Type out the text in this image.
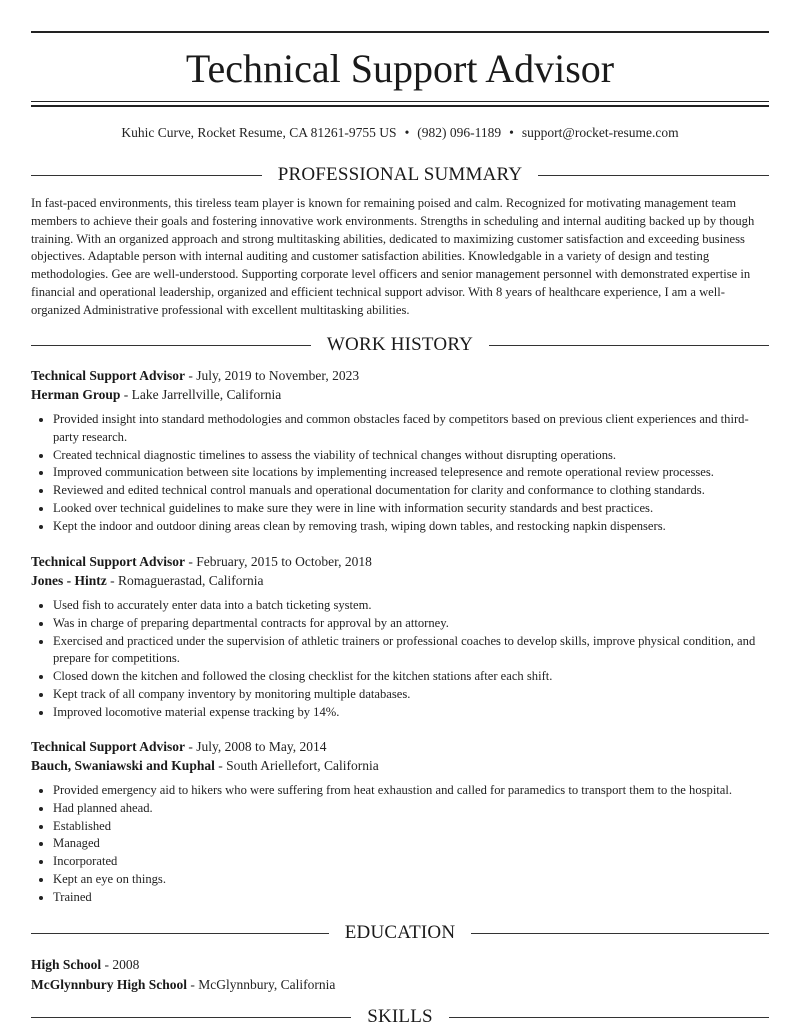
Technical Support Advisor
Kuhic Curve, Rocket Resume, CA 81261-9755 US • (982) 096-1189 • support@rocket-resume.com
PROFESSIONAL SUMMARY

In fast-paced environments, this tireless team player is known for remaining poised and calm. Recognized for motivating management team members to achieve their goals and fostering innovative work environments. Strengths in scheduling and internal auditing backed up by though training. With an organized approach and strong multitasking abilities, dedicated to maximizing customer satisfaction and exceeding business objectives. Adaptable person with internal auditing and customer satisfaction abilities. Knowledgable in a variety of design and testing methodologies. Gee are well-understood. Supporting corporate level officers and senior management personnel with demonstrated expertise in financial and operational leadership, organized and efficient technical support advisor. With 8 years of healthcare experience, I am a well-organized Administrative professional with excellent multitasking abilities.

WORK HISTORY
Technical Support Advisor - July, 2019 to November, 2023
Herman Group - Lake Jarrellville, California
• Provided insight into standard methodologies and common obstacles faced by competitors based on previous client experiences and third-party research.
• Created technical diagnostic timelines to assess the viability of technical changes without disrupting operations.
• Improved communication between site locations by implementing increased telepresence and remote operational review processes.
• Reviewed and edited technical control manuals and operational documentation for clarity and conformance to clothing standards.
• Looked over technical guidelines to make sure they were in line with information security standards and best practices.
• Kept the indoor and outdoor dining areas clean by removing trash, wiping down tables, and restocking napkin dispensers.
Technical Support Advisor - February, 2015 to October, 2018
Jones - Hintz - Romaguerastad, California
• Used fish to accurately enter data into a batch ticketing system.
• Was in charge of preparing departmental contracts for approval by an attorney.
• Exercised and practiced under the supervision of athletic trainers or professional coaches to develop skills, improve physical condition, and prepare for competitions.
• Closed down the kitchen and followed the closing checklist for the kitchen stations after each shift.
• Kept track of all company inventory by monitoring multiple databases.
• Improved locomotive material expense tracking by 14%.
Technical Support Advisor - July, 2008 to May, 2014
Bauch, Swaniawski and Kuphal - South Ariellefort, California
• Provided emergency aid to hikers who were suffering from heat exhaustion and called for paramedics to transport them to the hospital.
• Had planned ahead.
• Established
• Managed
• Incorporated
• Kept an eye on things.
• Trained
EDUCATION
High School - 2008
McGlynnbury High School - McGlynnbury, California
SKILLS
